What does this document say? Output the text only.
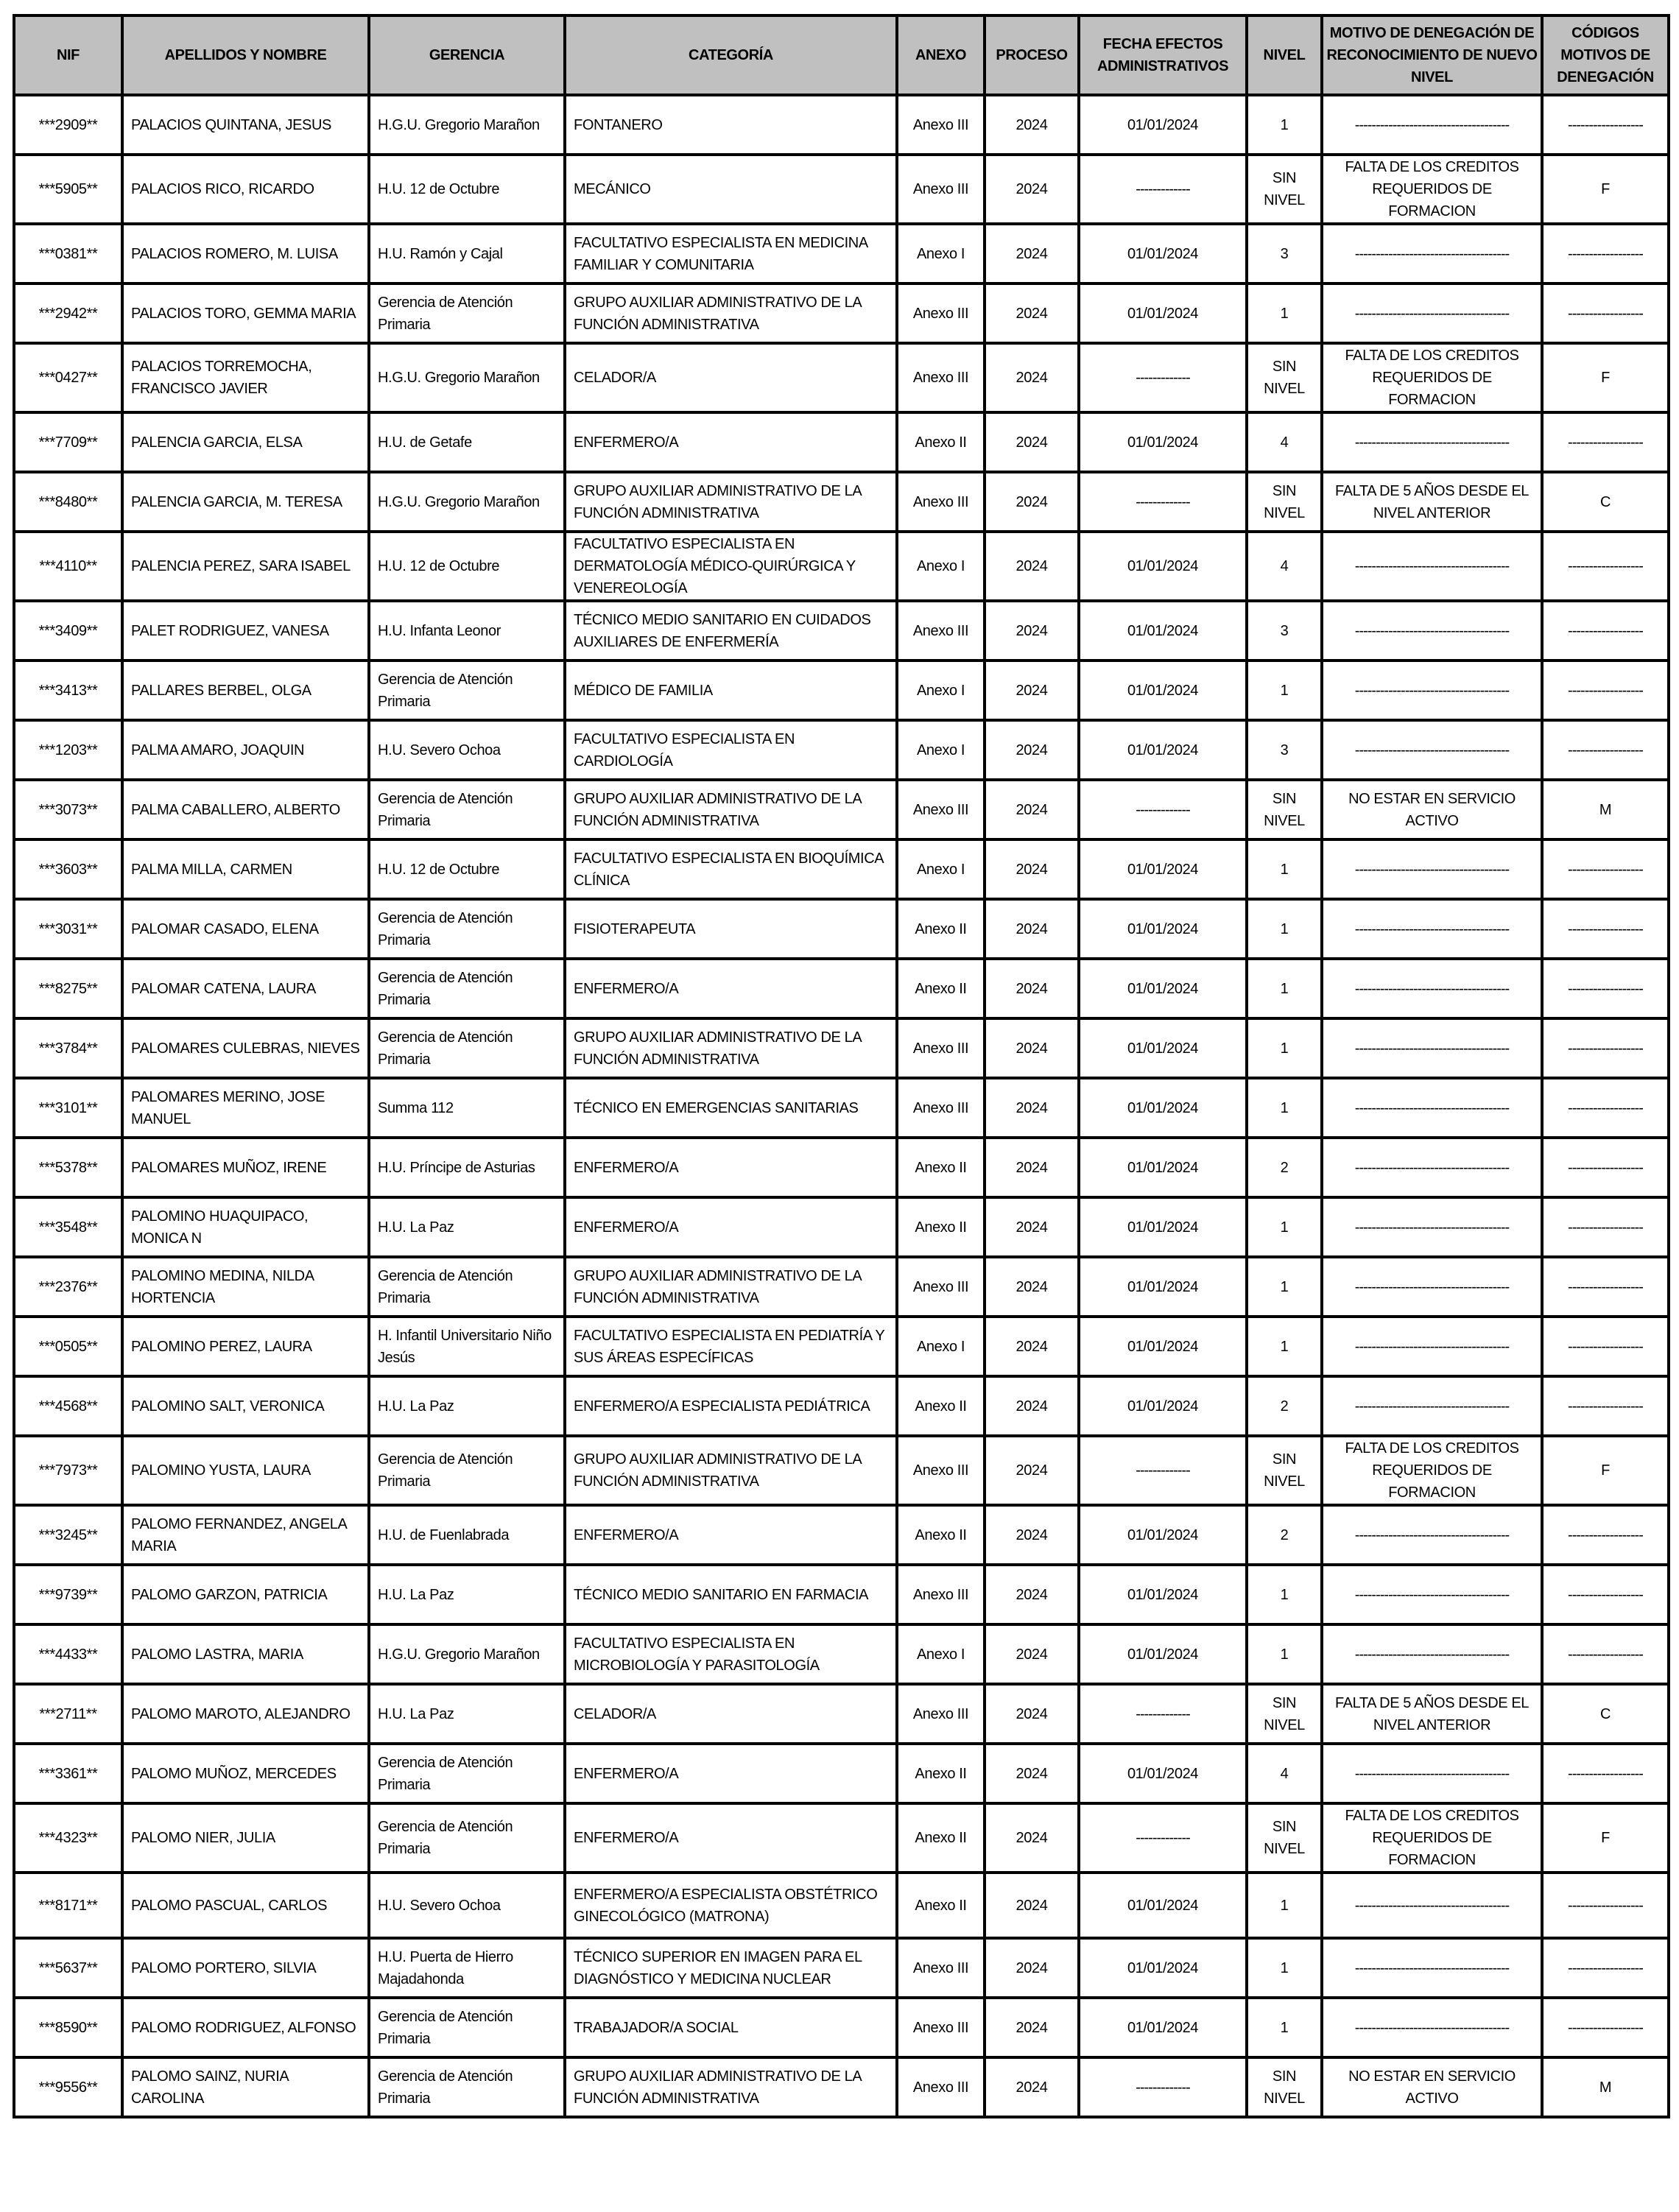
NIF	APELLIDOS Y NOMBRE	GERENCIA	CATEGORÍA	ANEXO	PROCESO	FECHA EFECTOS ADMINISTRATIVOS	NIVEL	MOTIVO DE DENEGACIÓN DE RECONOCIMIENTO DE NUEVO NIVEL	CÓDIGOS MOTIVOS DE DENEGACIÓN
***2909**	PALACIOS QUINTANA, JESUS	H.G.U. Gregorio Marañon	FONTANERO	Anexo III	2024	01/01/2024	1	-------------------------------------	------------------
***5905**	PALACIOS RICO, RICARDO	H.U. 12 de Octubre	MECÁNICO	Anexo III	2024	-------------	SIN NIVEL	FALTA DE LOS CREDITOS REQUERIDOS DE FORMACION	F
***0381**	PALACIOS ROMERO, M. LUISA	H.U. Ramón y Cajal	FACULTATIVO ESPECIALISTA EN MEDICINA FAMILIAR Y COMUNITARIA	Anexo I	2024	01/01/2024	3	-------------------------------------	------------------
***2942**	PALACIOS TORO, GEMMA MARIA	Gerencia de Atención Primaria	GRUPO AUXILIAR ADMINISTRATIVO DE LA FUNCIÓN ADMINISTRATIVA	Anexo III	2024	01/01/2024	1	-------------------------------------	------------------
***0427**	PALACIOS TORREMOCHA, FRANCISCO JAVIER	H.G.U. Gregorio Marañon	CELADOR/A	Anexo III	2024	-------------	SIN NIVEL	FALTA DE LOS CREDITOS REQUERIDOS DE FORMACION	F
***7709**	PALENCIA GARCIA, ELSA	H.U. de Getafe	ENFERMERO/A	Anexo II	2024	01/01/2024	4	-------------------------------------	------------------
***8480**	PALENCIA GARCIA, M. TERESA	H.G.U. Gregorio Marañon	GRUPO AUXILIAR ADMINISTRATIVO DE LA FUNCIÓN ADMINISTRATIVA	Anexo III	2024	-------------	SIN NIVEL	FALTA DE 5 AÑOS DESDE EL NIVEL ANTERIOR	C
***4110**	PALENCIA PEREZ, SARA ISABEL	H.U. 12 de Octubre	FACULTATIVO ESPECIALISTA EN DERMATOLOGÍA MÉDICO-QUIRÚRGICA Y VENEREOLOGÍA	Anexo I	2024	01/01/2024	4	-------------------------------------	------------------
***3409**	PALET RODRIGUEZ, VANESA	H.U. Infanta Leonor	TÉCNICO MEDIO SANITARIO EN CUIDADOS AUXILIARES DE ENFERMERÍA	Anexo III	2024	01/01/2024	3	-------------------------------------	------------------
***3413**	PALLARES BERBEL, OLGA	Gerencia de Atención Primaria	MÉDICO DE FAMILIA	Anexo I	2024	01/01/2024	1	-------------------------------------	------------------
***1203**	PALMA AMARO, JOAQUIN	H.U. Severo Ochoa	FACULTATIVO ESPECIALISTA EN CARDIOLOGÍA	Anexo I	2024	01/01/2024	3	-------------------------------------	------------------
***3073**	PALMA CABALLERO, ALBERTO	Gerencia de Atención Primaria	GRUPO AUXILIAR ADMINISTRATIVO DE LA FUNCIÓN ADMINISTRATIVA	Anexo III	2024	-------------	SIN NIVEL	NO ESTAR EN SERVICIO ACTIVO	M
***3603**	PALMA MILLA, CARMEN	H.U. 12 de Octubre	FACULTATIVO ESPECIALISTA EN BIOQUÍMICA CLÍNICA	Anexo I	2024	01/01/2024	1	-------------------------------------	------------------
***3031**	PALOMAR CASADO, ELENA	Gerencia de Atención Primaria	FISIOTERAPEUTA	Anexo II	2024	01/01/2024	1	-------------------------------------	------------------
***8275**	PALOMAR CATENA, LAURA	Gerencia de Atención Primaria	ENFERMERO/A	Anexo II	2024	01/01/2024	1	-------------------------------------	------------------
***3784**	PALOMARES CULEBRAS, NIEVES	Gerencia de Atención Primaria	GRUPO AUXILIAR ADMINISTRATIVO DE LA FUNCIÓN ADMINISTRATIVA	Anexo III	2024	01/01/2024	1	-------------------------------------	------------------
***3101**	PALOMARES MERINO, JOSE MANUEL	Summa 112	TÉCNICO EN EMERGENCIAS SANITARIAS	Anexo III	2024	01/01/2024	1	-------------------------------------	------------------
***5378**	PALOMARES MUÑOZ, IRENE	H.U. Príncipe de Asturias	ENFERMERO/A	Anexo II	2024	01/01/2024	2	-------------------------------------	------------------
***3548**	PALOMINO HUAQUIPACO, MONICA N	H.U. La Paz	ENFERMERO/A	Anexo II	2024	01/01/2024	1	-------------------------------------	------------------
***2376**	PALOMINO MEDINA, NILDA HORTENCIA	Gerencia de Atención Primaria	GRUPO AUXILIAR ADMINISTRATIVO DE LA FUNCIÓN ADMINISTRATIVA	Anexo III	2024	01/01/2024	1	-------------------------------------	------------------
***0505**	PALOMINO PEREZ, LAURA	H. Infantil Universitario Niño Jesús	FACULTATIVO ESPECIALISTA EN PEDIATRÍA Y SUS ÁREAS ESPECÍFICAS	Anexo I	2024	01/01/2024	1	-------------------------------------	------------------
***4568**	PALOMINO SALT, VERONICA	H.U. La Paz	ENFERMERO/A ESPECIALISTA PEDIÁTRICA	Anexo II	2024	01/01/2024	2	-------------------------------------	------------------
***7973**	PALOMINO YUSTA, LAURA	Gerencia de Atención Primaria	GRUPO AUXILIAR ADMINISTRATIVO DE LA FUNCIÓN ADMINISTRATIVA	Anexo III	2024	-------------	SIN NIVEL	FALTA DE LOS CREDITOS REQUERIDOS DE FORMACION	F
***3245**	PALOMO FERNANDEZ, ANGELA MARIA	H.U. de Fuenlabrada	ENFERMERO/A	Anexo II	2024	01/01/2024	2	-------------------------------------	------------------
***9739**	PALOMO GARZON, PATRICIA	H.U. La Paz	TÉCNICO MEDIO SANITARIO EN FARMACIA	Anexo III	2024	01/01/2024	1	-------------------------------------	------------------
***4433**	PALOMO LASTRA, MARIA	H.G.U. Gregorio Marañon	FACULTATIVO ESPECIALISTA EN MICROBIOLOGÍA Y PARASITOLOGÍA	Anexo I	2024	01/01/2024	1	-------------------------------------	------------------
***2711**	PALOMO MAROTO, ALEJANDRO	H.U. La Paz	CELADOR/A	Anexo III	2024	-------------	SIN NIVEL	FALTA DE 5 AÑOS DESDE EL NIVEL ANTERIOR	C
***3361**	PALOMO MUÑOZ, MERCEDES	Gerencia de Atención Primaria	ENFERMERO/A	Anexo II	2024	01/01/2024	4	-------------------------------------	------------------
***4323**	PALOMO NIER, JULIA	Gerencia de Atención Primaria	ENFERMERO/A	Anexo II	2024	-------------	SIN NIVEL	FALTA DE LOS CREDITOS REQUERIDOS DE FORMACION	F
***8171**	PALOMO PASCUAL, CARLOS	H.U. Severo Ochoa	ENFERMERO/A ESPECIALISTA OBSTÉTRICO GINECOLÓGICO (MATRONA)	Anexo II	2024	01/01/2024	1	-------------------------------------	------------------
***5637**	PALOMO PORTERO, SILVIA	H.U. Puerta de Hierro Majadahonda	TÉCNICO SUPERIOR EN IMAGEN PARA EL DIAGNÓSTICO Y MEDICINA NUCLEAR	Anexo III	2024	01/01/2024	1	-------------------------------------	------------------
***8590**	PALOMO RODRIGUEZ, ALFONSO	Gerencia de Atención Primaria	TRABAJADOR/A SOCIAL	Anexo III	2024	01/01/2024	1	-------------------------------------	------------------
***9556**	PALOMO SAINZ, NURIA CAROLINA	Gerencia de Atención Primaria	GRUPO AUXILIAR ADMINISTRATIVO DE LA FUNCIÓN ADMINISTRATIVA	Anexo III	2024	-------------	SIN NIVEL	NO ESTAR EN SERVICIO ACTIVO	M
